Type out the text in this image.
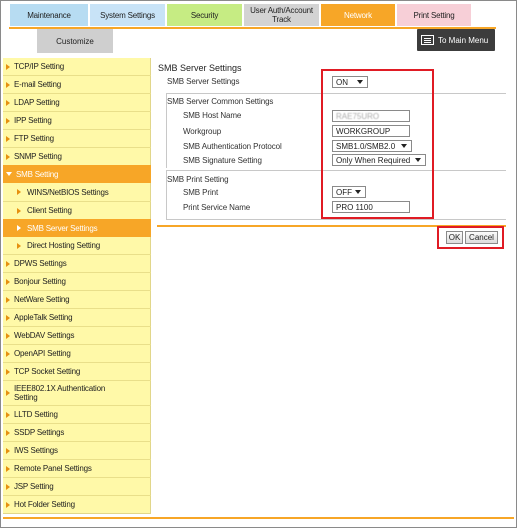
Maintenance	System Settings	Security	User Auth/Account Track	Network	Print Setting
Customize	To Main Menu
TCP/IP Setting
E-mail Setting
LDAP Setting
IPP Setting
FTP Setting
SNMP Setting
SMB Setting
WINS/NetBIOS Settings
Client Setting
SMB Server Settings
Direct Hosting Setting
DPWS Settings
Bonjour Setting
NetWare Setting
AppleTalk Setting
WebDAV Settings
OpenAPI Setting
TCP Socket Setting
IEEE802.1X Authentication Setting
LLTD Setting
SSDP Settings
IWS Settings
Remote Panel Settings
JSP Setting
Hot Folder Setting
SMB Server Settings
SMB Server Settings	ON
SMB Server Common Settings
SMB Host Name	RAE75URO
Workgroup	WORKGROUP
SMB Authentication Protocol	SMB1.0/SMB2.0
SMB Signature Setting	Only When Required
SMB Print Setting
SMB Print	OFF
Print Service Name	PRO 1100
OK	Cancel
